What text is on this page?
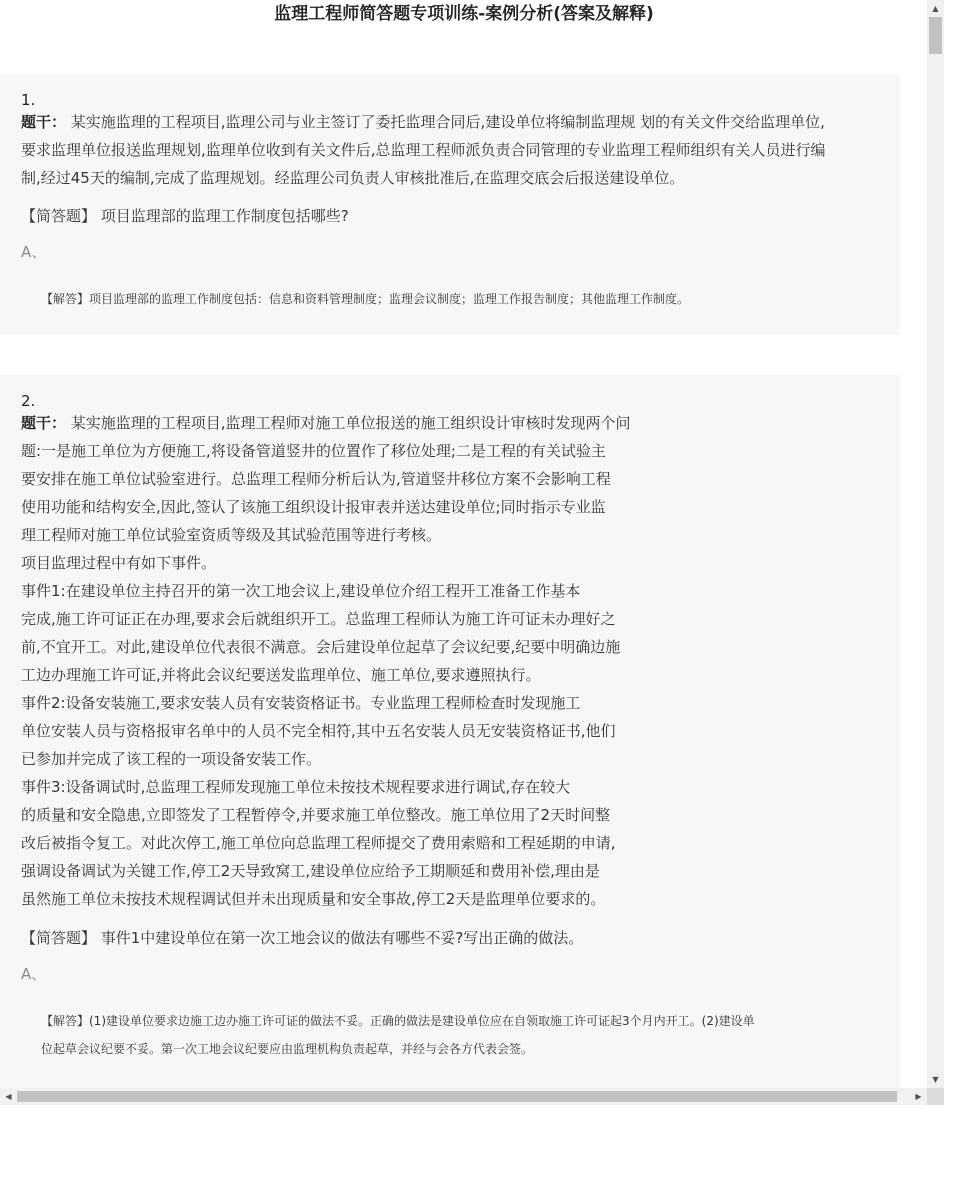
监理工程师简答题专项训练-案例分析(答案及解释)
1.
题干： 某实施监理的工程项目,监理公司与业主签订了委托监理合同后,建设单位将编制监理规 划的有关文件交给监理单位,
要求监理单位报送监理规划,监理单位收到有关文件后,总监理工程师派负责合同管理的专业监理工程师组织有关人员进行编
制,经过45天的编制,完成了监理规划。经监理公司负责人审核批准后,在监理交底会后报送建设单位。
【简答题】 项目监理部的监理工作制度包括哪些?
A、
【解答】项目监理部的监理工作制度包括：信息和资料管理制度；监理会议制度；监理工作报告制度；其他监理工作制度。
2.
题干： 某实施监理的工程项目,监理工程师对施工单位报送的施工组织设计审核时发现两个问
题:一是施工单位为方便施工,将设备管道竖井的位置作了移位处理;二是工程的有关试验主
要安排在施工单位试验室进行。总监理工程师分析后认为,管道竖井移位方案不会影响工程
使用功能和结构安全,因此,签认了该施工组织设计报审表并送达建设单位;同时指示专业监
理工程师对施工单位试验室资质等级及其试验范围等进行考核。
项目监理过程中有如下事件。
事件1:在建设单位主持召开的第一次工地会议上,建设单位介绍工程开工准备工作基本
完成,施工许可证正在办理,要求会后就组织开工。总监理工程师认为施工许可证未办理好之
前,不宜开工。对此,建设单位代表很不满意。会后建设单位起草了会议纪要,纪要中明确边施
工边办理施工许可证,并将此会议纪要送发监理单位、施工单位,要求遵照执行。
事件2:设备安装施工,要求安装人员有安装资格证书。专业监理工程师检查时发现施工
单位安装人员与资格报审名单中的人员不完全相符,其中五名安装人员无安装资格证书,他们
已参加并完成了该工程的一项设备安装工作。
事件3:设备调试时,总监理工程师发现施工单位未按技术规程要求进行调试,存在较大
的质量和安全隐患,立即签发了工程暂停令,并要求施工单位整改。施工单位用了2天时间整
改后被指令复工。对此次停工,施工单位向总监理工程师提交了费用索赔和工程延期的申请,
强调设备调试为关键工作,停工2天导致窝工,建设单位应给予工期顺延和费用补偿,理由是
虽然施工单位未按技术规程调试但并未出现质量和安全事故,停工2天是监理单位要求的。
【简答题】 事件1中建设单位在第一次工地会议的做法有哪些不妥?写出正确的做法。
A、
【解答】(1)建设单位要求边施工边办施工许可证的做法不妥。正确的做法是建设单位应在自领取施工许可证起3个月内开工。(2)建设单
位起草会议纪要不妥。第一次工地会议纪要应由监理机构负责起草，并经与会各方代表会签。
▲
▼
◀	▶
